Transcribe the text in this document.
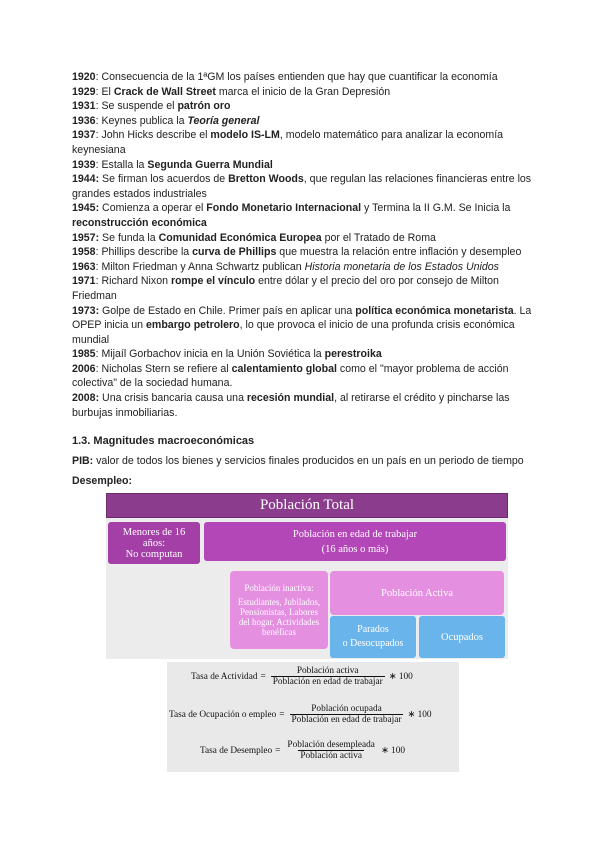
1920: Consecuencia de la 1ªGM los países entienden que hay que cuantificar la economía

1929: El Crack de Wall Street marca el inicio de la Gran Depresión

1931: Se suspende el patrón oro

1936: Keynes publica la Teoría general

1937: John Hicks describe el modelo IS-LM, modelo matemático para analizar la economía keynesiana

1939: Estalla la Segunda Guerra Mundial

1944: Se firman los acuerdos de Bretton Woods, que regulan las relaciones financieras entre los grandes estados industriales

1945: Comienza a operar el Fondo Monetario Internacional y Termina la II G.M. Se Inicia la reconstrucción económica

1957: Se funda la Comunidad Económica Europea por el Tratado de Roma

1958: Phillips describe la curva de Phillips que muestra la relación entre inflación y desempleo

1963: Milton Friedman y Anna Schwartz publican Historia monetaria de los Estados Unidos

1971: Richard Nixon rompe el vínculo entre dólar y el precio del oro por consejo de Milton Friedman

1973: Golpe de Estado en Chile. Primer país en aplicar una política económica monetarista. La OPEP inicia un embargo petrolero, lo que provoca el inicio de una profunda crisis económica mundial

1985: Mijaíl Gorbachov inicia en la Unión Soviética la perestroika

2006: Nicholas Stern se refiere al calentamiento global como el "mayor problema de acción colectiva" de la sociedad humana.

2008: Una crisis bancaria causa una recesión mundial, al retirarse el crédito y pincharse las burbujas inmobiliarias.

1.3. Magnitudes macroeconómicas
PIB: valor de todos los bienes y servicios finales producidos en un país en un periodo de tiempo
Desempleo:
Población Total
Menores de 16
años:
No computan
Población en edad de trabajar
(16 años o más)
Población inactiva:
Estudiantes, Jubilados,
Pensionistas, Labores
del hogar, Actividades
benéficas
Población Activa
Parados
o Desocupados
Ocupados
Tasa de Actividad = $\frac{\text{Población activa}}{\text{Población en edad de trabajar}}$ ∗ 100
Tasa de Ocupación o empleo = $\frac{\text{Población ocupada}}{\text{Población en edad de trabajar}}$ ∗ 100
Tasa de Desempleo = $\frac{\text{Población desempleada}}{\text{Población activa}}$ ∗ 100
